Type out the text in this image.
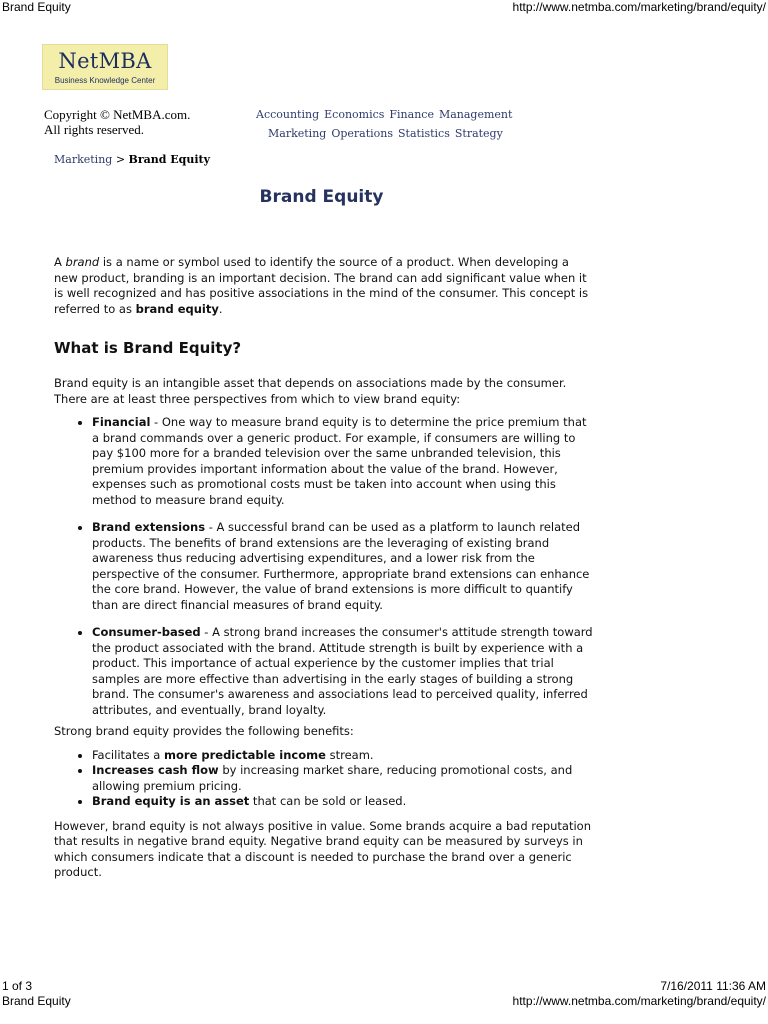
Brand Equity	http://www.netmba.com/marketing/brand/equity/
NetMBA
Business Knowledge Center
Copyright © NetMBA.com.
All rights reserved.
Accounting Economics Finance Management
Marketing Operations Statistics Strategy
Marketing > Brand Equity
Brand Equity

A brand is a name or symbol used to identify the source of a product. When developing a new product, branding is an important decision. The brand can add significant value when it is well recognized and has positive associations in the mind of the consumer. This concept is referred to as brand equity.

What is Brand Equity?

Brand equity is an intangible asset that depends on associations made by the consumer. There are at least three perspectives from which to view brand equity:

• Financial - One way to measure brand equity is to determine the price premium that a brand commands over a generic product. For example, if consumers are willing to pay $100 more for a branded television over the same unbranded television, this premium provides important information about the value of the brand. However, expenses such as promotional costs must be taken into account when using this method to measure brand equity.
• Brand extensions - A successful brand can be used as a platform to launch related products. The benefits of brand extensions are the leveraging of existing brand awareness thus reducing advertising expenditures, and a lower risk from the perspective of the consumer. Furthermore, appropriate brand extensions can enhance the core brand. However, the value of brand extensions is more difficult to quantify than are direct financial measures of brand equity.
• Consumer-based - A strong brand increases the consumer's attitude strength toward the product associated with the brand. Attitude strength is built by experience with a product. This importance of actual experience by the customer implies that trial samples are more effective than advertising in the early stages of building a strong brand. The consumer's awareness and associations lead to perceived quality, inferred attributes, and eventually, brand loyalty.

Strong brand equity provides the following benefits:

• Facilitates a more predictable income stream.
• Increases cash flow by increasing market share, reducing promotional costs, and allowing premium pricing.
• Brand equity is an asset that can be sold or leased.

However, brand equity is not always positive in value. Some brands acquire a bad reputation that results in negative brand equity. Negative brand equity can be measured by surveys in which consumers indicate that a discount is needed to purchase the brand over a generic product.

1 of 3	7/16/2011 11:36 AM
Brand Equity	http://www.netmba.com/marketing/brand/equity/
